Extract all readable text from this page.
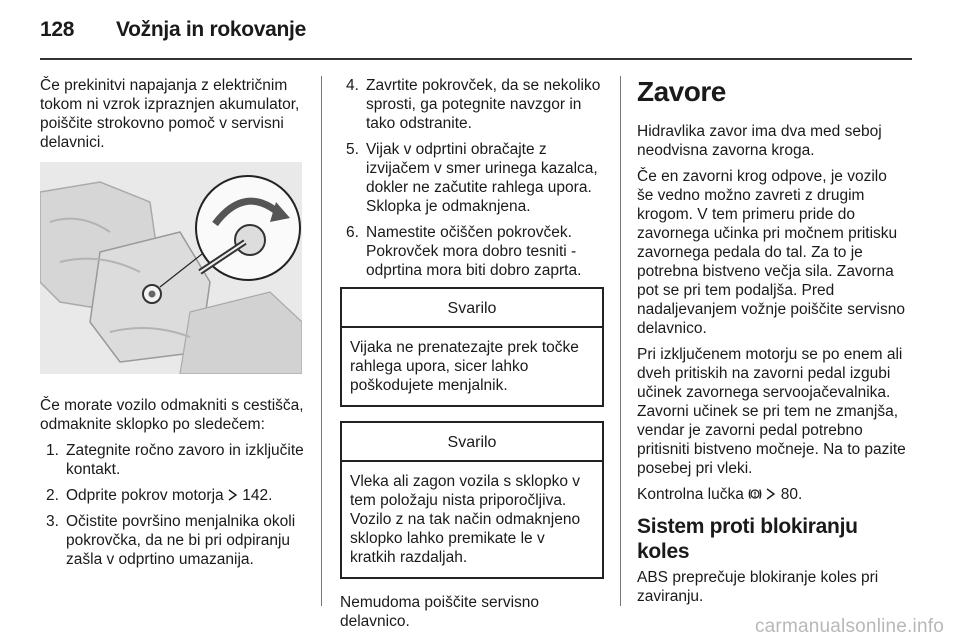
128 Vožnja in rokovanje

Če prekinitvi napajanja z električnim tokom ni vzrok izpraznjen akumulator, poiščite strokovno pomoč v servisni delavnici.

Če morate vozilo odmakniti s cestišča, odmaknite sklopko po sledečem:

1. Zategnite ročno zavoro in izključite kontakt.
2. Odprite pokrov motorja 142.
3. Očistite površino menjalnika okoli pokrovčka, da ne bi pri odpiranju zašla v odprtino umazanija.
4. Zavrtite pokrovček, da se nekoliko sprosti, ga potegnite navzgor in tako odstranite.
5. Vijak v odprtini obračajte z izvijačem v smer urinega kazalca, dokler ne začutite rahlega upora. Sklopka je odmaknjena.
6. Namestite očiščen pokrovček. Pokrovček mora dobro tesniti - odprtina mora biti dobro zaprta.
Svarilo
Vijaka ne prenatezajte prek točke rahlega upora, sicer lahko poškodujete menjalnik.
Svarilo
Vleka ali zagon vozila s sklopko v tem položaju nista priporočljiva. Vozilo z na tak način odmaknjeno sklopko lahko premikate le v kratkih razdaljah.

Nemudoma poiščite servisno delavnico.

Zavore

Hidravlika zavor ima dva med seboj neodvisna zavorna kroga.

Če en zavorni krog odpove, je vozilo še vedno možno zavreti z drugim krogom. V tem primeru pride do zavornega učinka pri močnem pritisku zavornega pedala do tal. Za to je potrebna bistveno večja sila. Zavorna pot se pri tem podaljša. Pred nadaljevanjem vožnje poiščite servisno delavnico.

Pri izključenem motorju se po enem ali dveh pritiskih na zavorni pedal izgubi učinek zavornega servoojačevalnika. Zavorni učinek se pri tem ne zmanjša, vendar je zavorni pedal potrebno pritisniti bistveno močneje. Na to pazite posebej pri vleki.

Kontrolna lučka 80.

Sistem proti blokiranju koles

ABS preprečuje blokiranje koles pri zaviranju.

carmanualsonline.info
